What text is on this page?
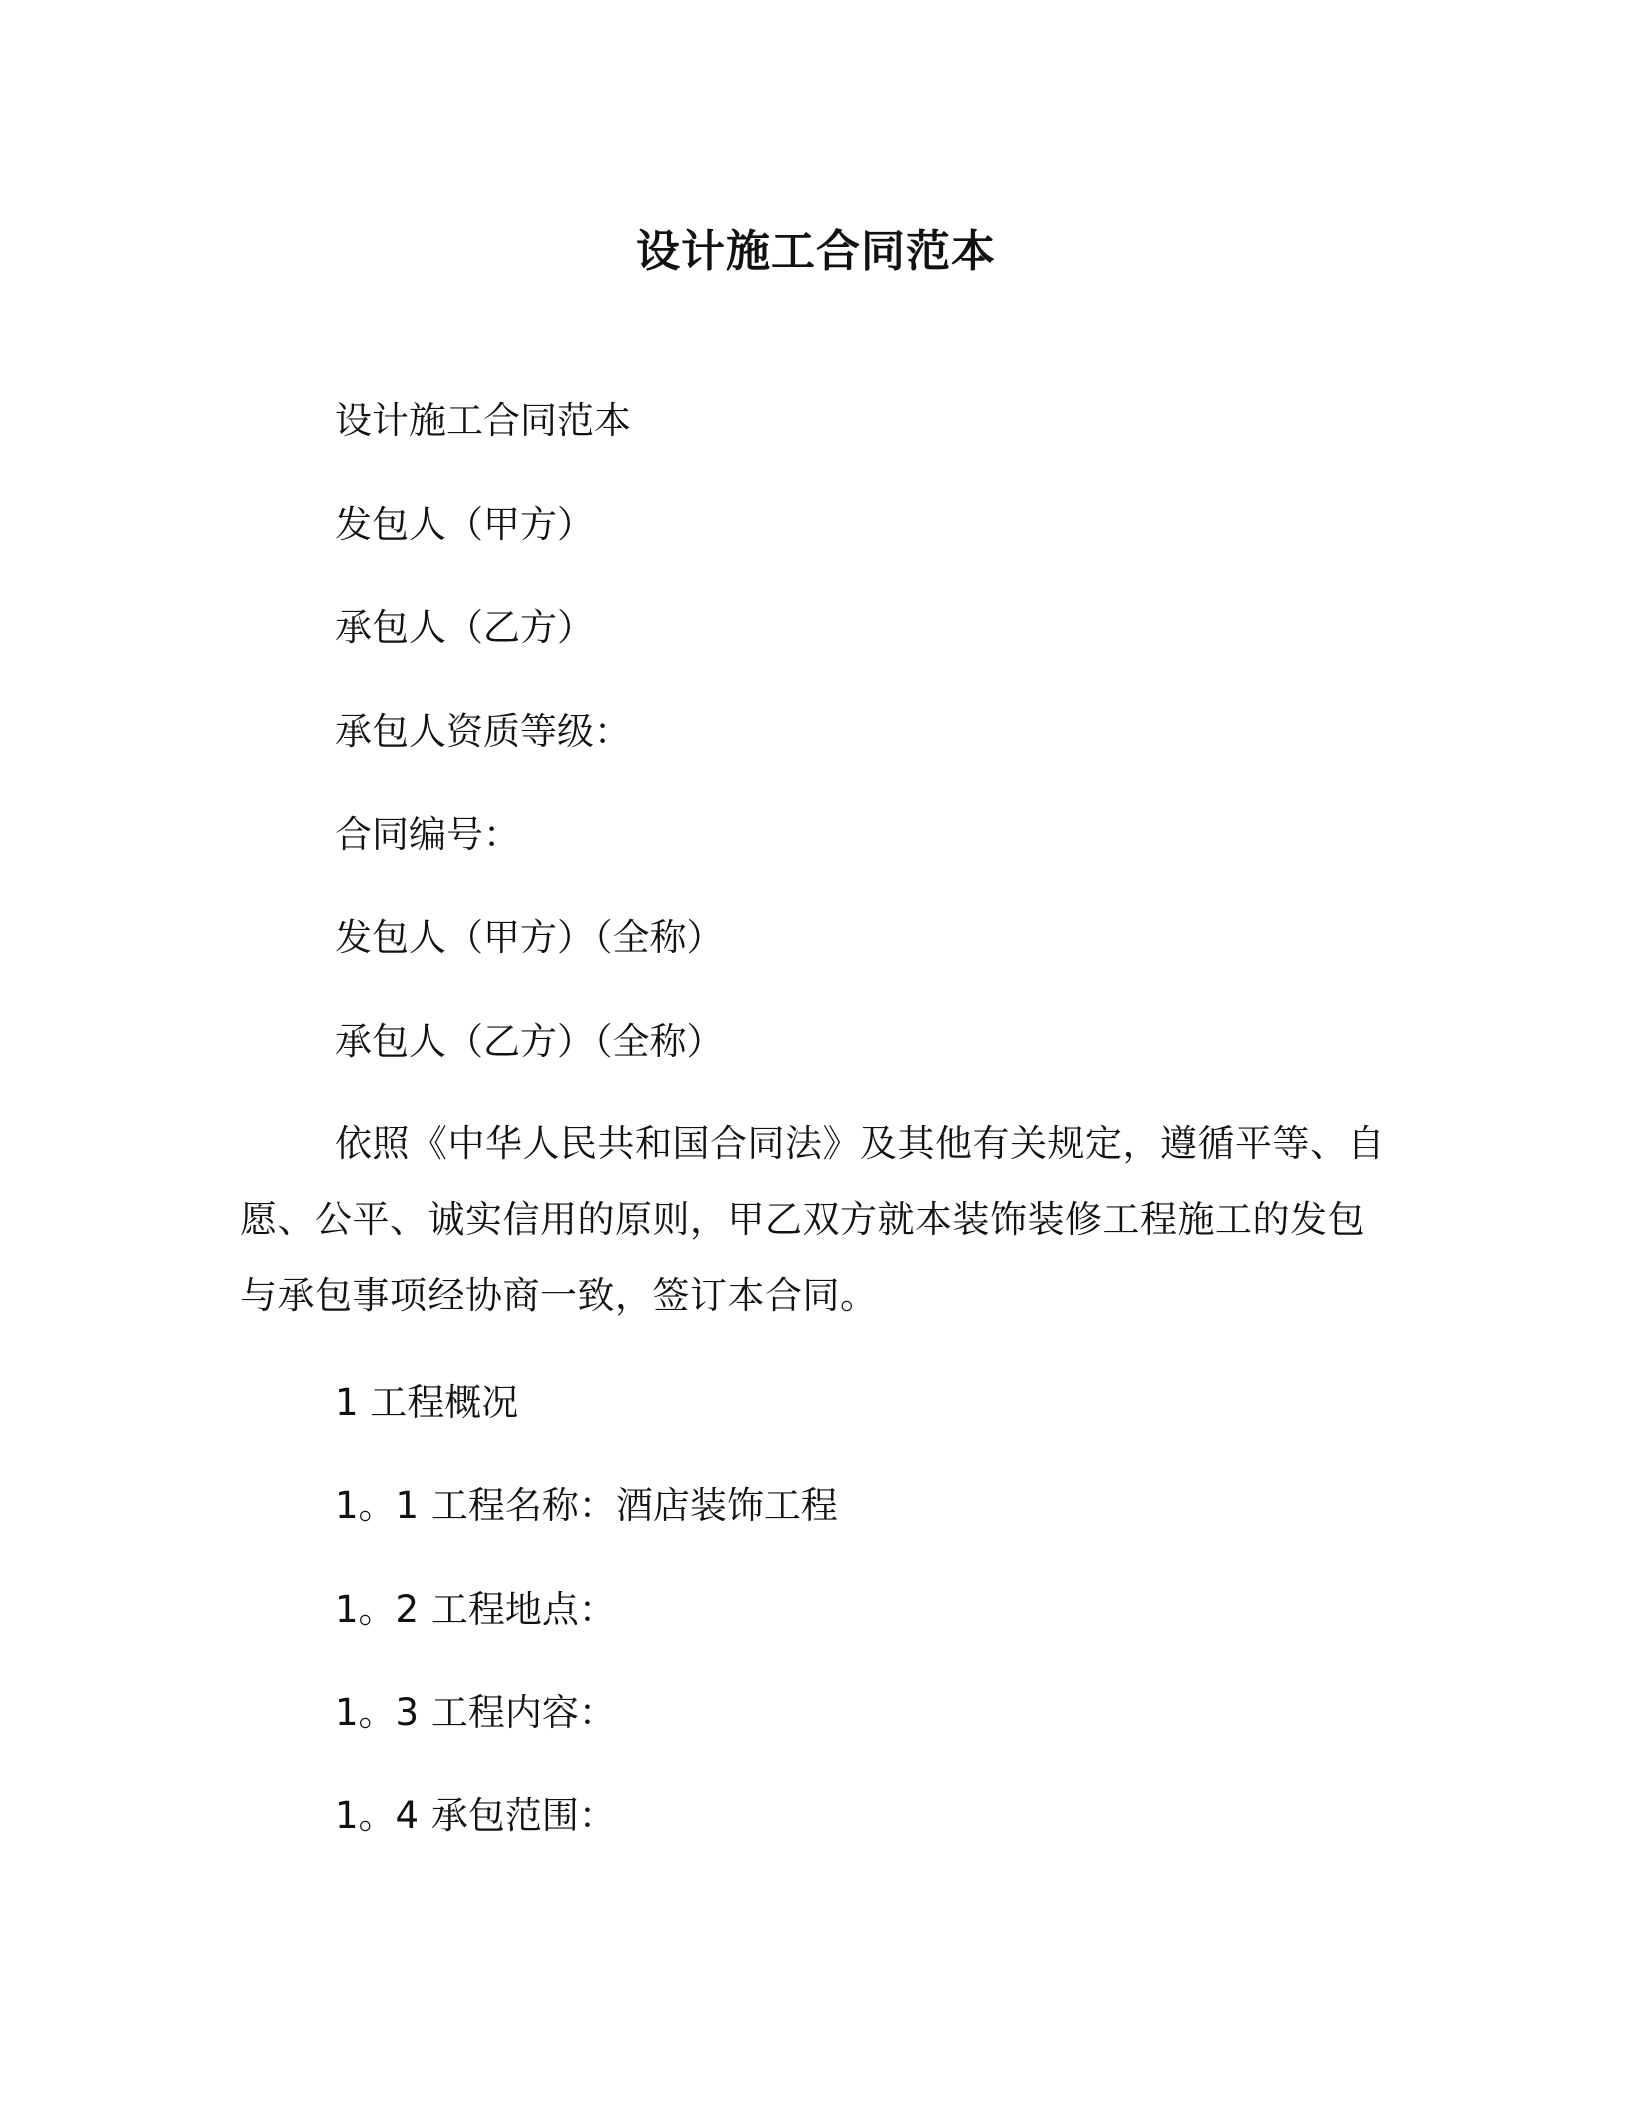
设计施工合同范本
设计施工合同范本
发包人（甲方）
承包人（乙方）
承包人资质等级：
合同编号：
发包人（甲方）（全称）
承包人（乙方）（全称）
依照《中华人民共和国合同法》及其他有关规定，遵循平等、自愿、公平、诚实信用的原则，甲乙双方就本装饰装修工程施工的发包与承包事项经协商一致，签订本合同。
1 工程概况
1。1 工程名称：酒店装饰工程
1。2 工程地点：
1。3 工程内容：
1。4 承包范围：
